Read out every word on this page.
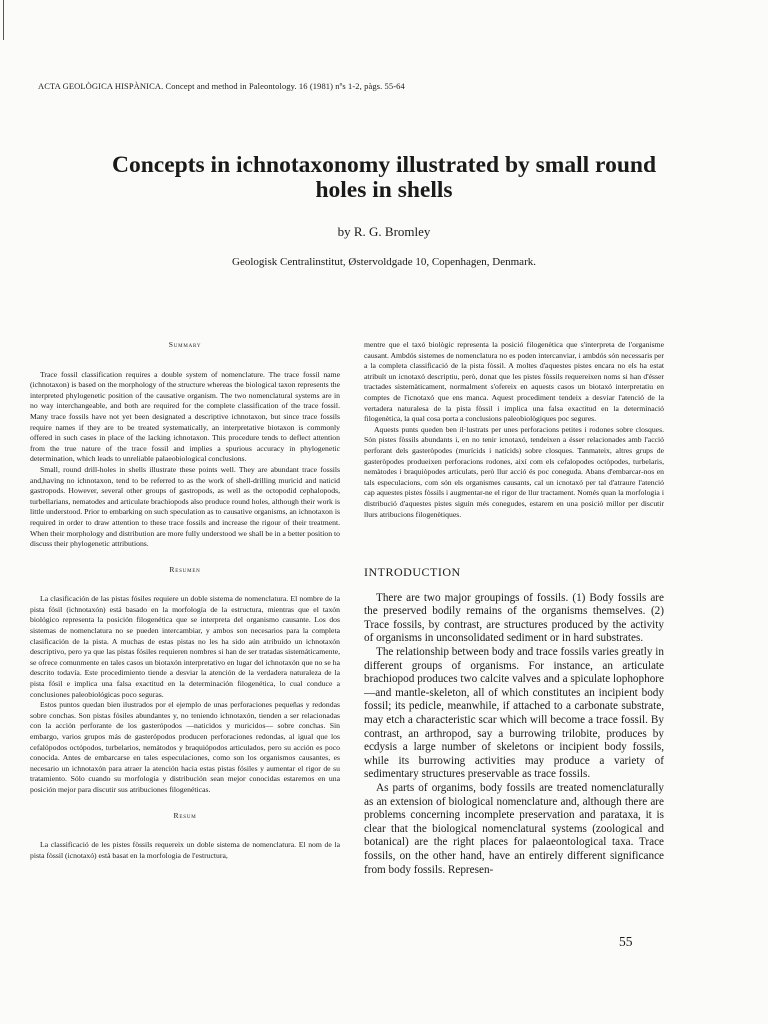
ACTA GEOLÒGICA HISPÀNICA. Concept and method in Paleontology. 16 (1981) nºs 1-2, pàgs. 55-64
Concepts in ichnotaxonomy illustrated by small round
holes in shells
by R. G. Bromley
Geologisk Centralinstitut, Østervoldgade 10, Copenhagen, Denmark.
Summary

Trace fossil classification requires a double system of nomenclature. The trace fossil name (ichnotaxon) is based on the morphology of the structure whereas the biological taxon represents the interpreted phylogenetic position of the causative organism. The two nomenclatural systems are in no way interchangeable, and both are required for the complete classification of the trace fossil. Many trace fossils have not yet been designated a descriptive ichnotaxon, but since trace fossils require names if they are to be treated systematically, an interpretative biotaxon is commonly offered in such cases in place of the lacking ichnotaxon. This procedure tends to deflect attention from the true nature of the trace fossil and implies a spurious accuracy in phylogenetic determination, which leads to unreliable palaeobiological conclusions.

Small, round drill-holes in shells illustrate these points well. They are abundant trace fossils and,having no ichnotaxon, tend to be referred to as the work of shell-drilling muricid and naticid gastropods. However, several other groups of gastropods, as well as the octopodid cephalopods, turbellarians, nematodes and articulate brachiopods also produce round holes, although their work is little understood. Prior to embarking on such speculation as to causative organisms, an ichnotaxon is required in order to draw attention to these trace fossils and increase the rigour of their treatment. When their morphology and distribution are more fully understood we shall be in a better position to discuss their phylogenetic attributions.

Resumen

La clasificación de las pistas fósiles requiere un doble sistema de nomenclatura. El nombre de la pista fósil (ichnotaxón) está basado en la morfología de la estructura, mientras que el taxón biológico representa la posición filogenética que se interpreta del organismo causante. Los dos sistemas de nomenclatura no se pueden intercambiar, y ambos son necesarios para la completa clasificación de la pista. A muchas de estas pistas no les ha sido aún atribuído un ichnotaxón descriptivo, pero ya que las pistas fósiles requieren nombres si han de ser tratadas sistemáticamente, se ofrece comunmente en tales casos un biotaxón interpretativo en lugar del ichnotaxón que no se ha descrito todavía. Este procedimiento tiende a desviar la atención de la verdadera naturaleza de la pista fósil e implica una falsa exactitud en la determinación filogenética, lo cual conduce a conclusiones paleobiológicas poco seguras.

Estos puntos quedan bien ilustrados por el ejemplo de unas perforaciones pequeñas y redondas sobre conchas. Son pistas fósiles abundantes y, no teniendo ichnotaxón, tienden a ser relacionadas con la acción perforante de los gasterópodos —naticidos y muricidos— sobre conchas. Sin embargo, varios grupos más de gasterópodos producen perforaciones redondas, al igual que los cefalópodos octópodos, turbelarios, nemátodos y braquiópodos articulados, pero su acción es poco conocida. Antes de embarcarse en tales especulaciones, como son los organismos causantes, es necesario un ichnotaxón para atraer la atención hacia estas pistas fósiles y aumentar el rigor de su tratamiento. Sólo cuando su morfología y distribución sean mejor conocidas estaremos en una posición mejor para discutir sus atribuciones filogenéticas.

Resum

La classificació de les pistes fòssils requereix un doble sistema de nomenclatura. El nom de la pista fòssil (icnotaxó) està basat en la morfologia de l'estructura,

mentre que el taxó biològic representa la posició filogenètica que s'interpreta de l'organisme causant. Ambdós sistemes de nomenclatura no es poden intercanviar, i ambdós són necessaris per a la completa classificació de la pista fòssil. A moltes d'aquestes pistes encara no els ha estat atribuït un icnotaxó descriptiu, però, donat que les pistes fòssils requereixen noms si han d'ésser tractades sistemàticament, normalment s'ofereix en aquests casos un biotaxó interpretatiu en comptes de l'icnotaxó que ens manca. Aquest procediment tendeix a desviar l'atenció de la vertadera naturalesa de la pista fòssil i implica una falsa exactitud en la determinació filogenètica, la qual cosa porta a conclusions paleobiològiques poc segures.

Aquests punts queden ben il·lustrats per unes perforacions petites i rodones sobre closques. Són pistes fòssils abundants i, en no tenir icnotaxó, tendeixen a ésser relacionades amb l'acció perforant dels gasteròpodes (murícids i natícids) sobre closques. Tanmateix, altres grups de gasteròpodes produeixen perforacions rodones, així com els cefalopodes octòpodes, turbelaris, nemàtodes i braquiòpodes articulats, però llur acció és poc coneguda. Abans d'embarcar-nos en tals especulacions, com són els organismes causants, cal un icnotaxó per tal d'atraure l'atenció cap aquestes pistes fòssils i augmentar-ne el rigor de llur tractament. Només quan la morfologia i distribució d'aquestes pistes siguin més conegudes, estarem en una posició millor per discutir llurs atribucions filogenètiques.

INTRODUCTION

There are two major groupings of fossils. (1) Body fossils are the preserved bodily remains of the organisms themselves. (2) Trace fossils, by contrast, are structures produced by the activity of organisms in unconsolidated sediment or in hard substrates.

The relationship between body and trace fossils varies greatly in different groups of organisms. For instance, an articulate brachiopod produces two calcite valves and a spiculate lophophore —and mantle-skeleton, all of which constitutes an incipient body fossil; its pedicle, meanwhile, if attached to a carbonate substrate, may etch a characteristic scar which will become a trace fossil. By contrast, an arthropod, say a burrowing trilobite, produces by ecdysis a large number of skeletons or incipient body fossils, while its burrowing activities may produce a variety of sedimentary structures preservable as trace fossils.

As parts of organims, body fossils are treated nomenclaturally as an extension of biological nomenclature and, although there are problems concerning incomplete preservation and parataxa, it is clear that the biological nomenclatural systems (zoological and botanical) are the right places for palaeontological taxa. Trace fossils, on the other hand, have an entirely different significance from body fossils. Represen-

55
